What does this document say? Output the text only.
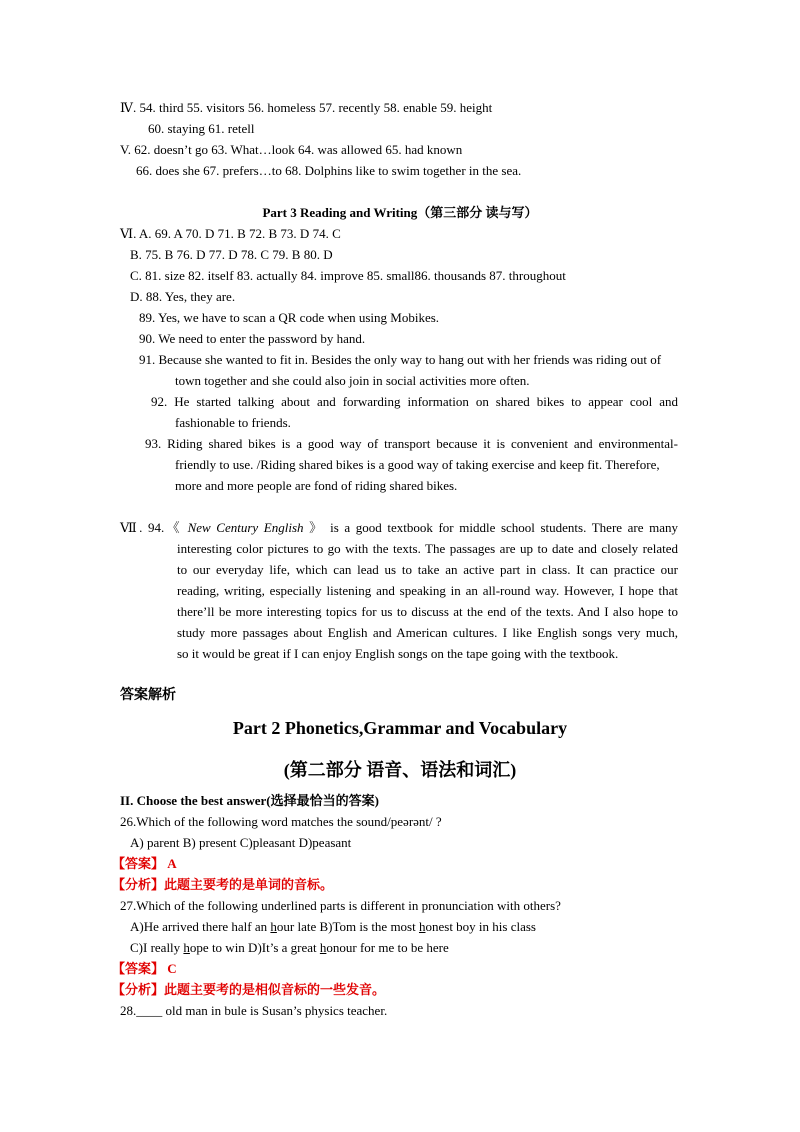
Ⅳ. 54. third 55. visitors 56. homeless 57. recently 58. enable 59. height
60. staying 61. retell
V. 62. doesn’t go 63. What…look 64. was allowed 65. had known
66. does she 67. prefers…to 68. Dolphins like to swim together in the sea.
Part 3 Reading and Writing（第三部分 读与写）
Ⅵ. A. 69. A 70. D 71. B 72. B 73. D 74. C
B. 75. B 76. D 77. D 78. C 79. B 80. D
C. 81. size 82. itself 83. actually 84. improve 85. small86. thousands 87. throughout
D. 88. Yes, they are.
89. Yes, we have to scan a QR code when using Mobikes.
90. We need to enter the password by hand.
91. Because she wanted to fit in. Besides the only way to hang out with her friends was riding out of
town together and she could also join in social activities more often.
92. He started talking about and forwarding information on shared bikes to appear cool and
fashionable to friends.
93. Riding shared bikes is a good way of transport because it is convenient and environmental-
friendly to use. /Riding shared bikes is a good way of taking exercise and keep fit. Therefore,
more and more people are fond of riding shared bikes.
Ⅶ. 94.《 New Century English 》 is a good textbook for middle school students. There are many
interesting color pictures to go with the texts. The passages are up to date and closely related
to our everyday life, which can lead us to take an active part in class. It can practice our
reading, writing, especially listening and speaking in an all-round way. However, I hope that
there’ll be more interesting topics for us to discuss at the end of the texts. And I also hope to
study more passages about English and American cultures. I like English songs very much,
so it would be great if I can enjoy English songs on the tape going with the textbook.
答案解析
Part 2 Phonetics,Grammar and Vocabulary
(第二部分 语音、语法和词汇)
II. Choose the best answer(选择最恰当的答案)
26.Which of the following word matches the sound/peərənt/ ?
A) parent B) present C)pleasant D)peasant
【答案】 A
【分析】此题主要考的是单词的音标。
27.Which of the following underlined parts is different in pronunciation with others?
A)He arrived there half an hour late B)Tom is the most honest boy in his class
C)I really hope to win D)It’s a great honour for me to be here
【答案】 C
【分析】此题主要考的是相似音标的一些发音。
28.____ old man in bule is Susan’s physics teacher.
